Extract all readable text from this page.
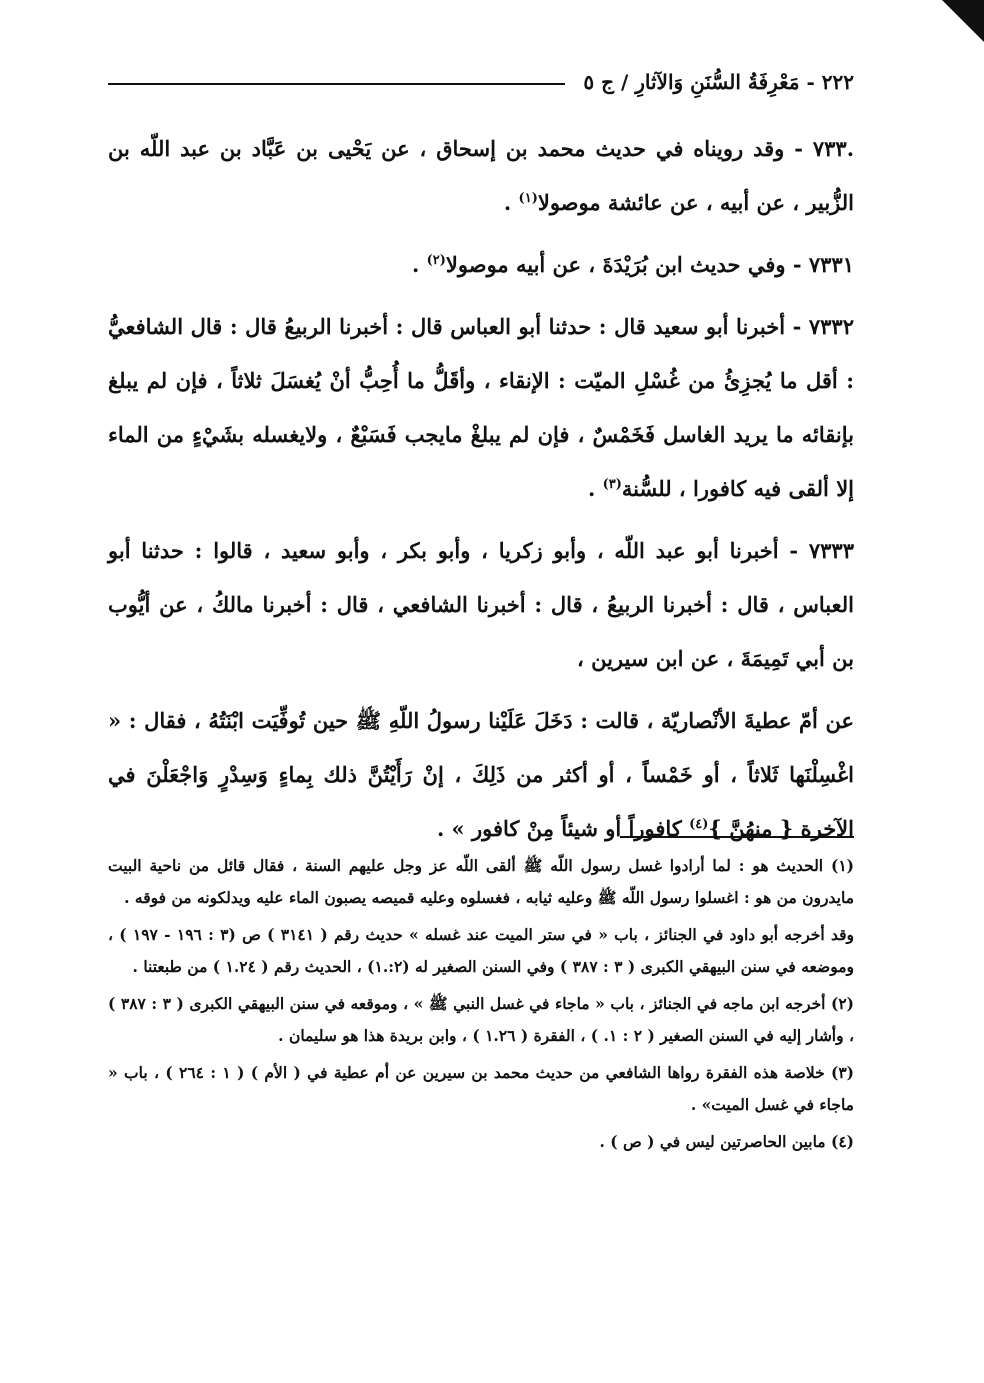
٢٢٢ - مَعْرِفَةُ السُّنَنِ وَالآثارِ / ج ٥

.٧٣٣ - وقد رويناه في حديث محمد بن إسحاق ، عن يَحْيى بن عَبَّاد بن عبد اللّه بن الزُّبير ، عن أبيه ، عن عائشة موصولا$^{(١)}$ .

٧٣٣١ - وفي حديث ابن بُرَيْدَةَ ، عن أبيه موصولا$^{(٢)}$ .

٧٣٣٢ - أخبرنا أبو سعيد قال : حدثنا أبو العباس قال : أخبرنا الربيعُ قال : قال الشافعيُّ : أقل ما يُجزِئُ من غُسْلِ الميّت : الإنقاء ، وأقَلُّ ما أُحِبُّ أنْ يُغسَلَ ثلاثاً ، فإن لم يبلغ بإنقائه ما يريد الغاسل فَخَمْسٌ ، فإن لم يبلغْ مايجب فَسَبْعٌ ، ولايغسله بشَيْءٍ من الماء إلا ألقى فيه كافورا ، للسُّنة$^{(٣)}$ .

٧٣٣٣ - أخبرنا أبو عبد اللّه ، وأبو زكريا ، وأبو بكر ، وأبو سعيد ، قالوا : حدثنا أبو العباس ، قال : أخبرنا الربيعُ ، قال : أخبرنا الشافعي ، قال : أخبرنا مالكُ ، عن أيُّوب بن أبي تَمِيمَةَ ، عن ابن سيرين ،

عن أمّ عطيةَ الأنْصاريّة ، قالت : دَخَلَ عَلَيْنا رسولُ اللّهِ ﷺ حين تُوفِّيَت ابْنَتُهُ ، فقال : « اغْسِلْنَها ثَلاثاً ، أو خَمْساً ، أو أكثر من ذَلِكَ ، إنْ رَأَيْتُنَّ ذلك بِماءٍ وَسِدْرٍ وَاجْعَلْنَ في الآخرة { منهُنَّ }$^{(٤)}$ كافوراً أو شيئاً مِنْ كافور » .

(١) الحديث هو : لما أرادوا غسل رسول اللّه ﷺ ألقى اللّه عز وجل عليهم السنة ، فقال قائل من ناحية البيت مايدرون من هو : اغسلوا رسول اللّه ﷺ وعليه ثيابه ، فغسلوه وعليه قميصه يصبون الماء عليه ويدلكونه من فوقه .

وقد أخرجه أبو داود في الجنائز ، باب « في ستر الميت عند غسله » حديث رقم ( ٣١٤١ ) ص (٣ : ١٩٦ - ١٩٧ ) ، وموضعه في سنن البيهقي الكبرى ( ٣ : ٣٨٧ ) وفي السنن الصغير له (٢:.١) ، الحديث رقم ( ١.٢٤ ) من طبعتنا .

(٢) أخرجه ابن ماجه في الجنائز ، باب « ماجاء في غسل النبي ﷺ » ، وموقعه في سنن البيهقي الكبرى ( ٣ : ٣٨٧ ) ، وأشار إليه في السنن الصغير ( ٢ : ١. ) ، الفقرة ( ١.٢٦ ) ، وابن بريدة هذا هو سليمان .

(٣) خلاصة هذه الفقرة رواها الشافعي من حديث محمد بن سيرين عن أم عطية في ( الأم ) ( ١ : ٢٦٤ ) ، باب « ماجاء في غسل الميت» .

(٤) مابين الحاصرتين ليس في ( ص ) .
